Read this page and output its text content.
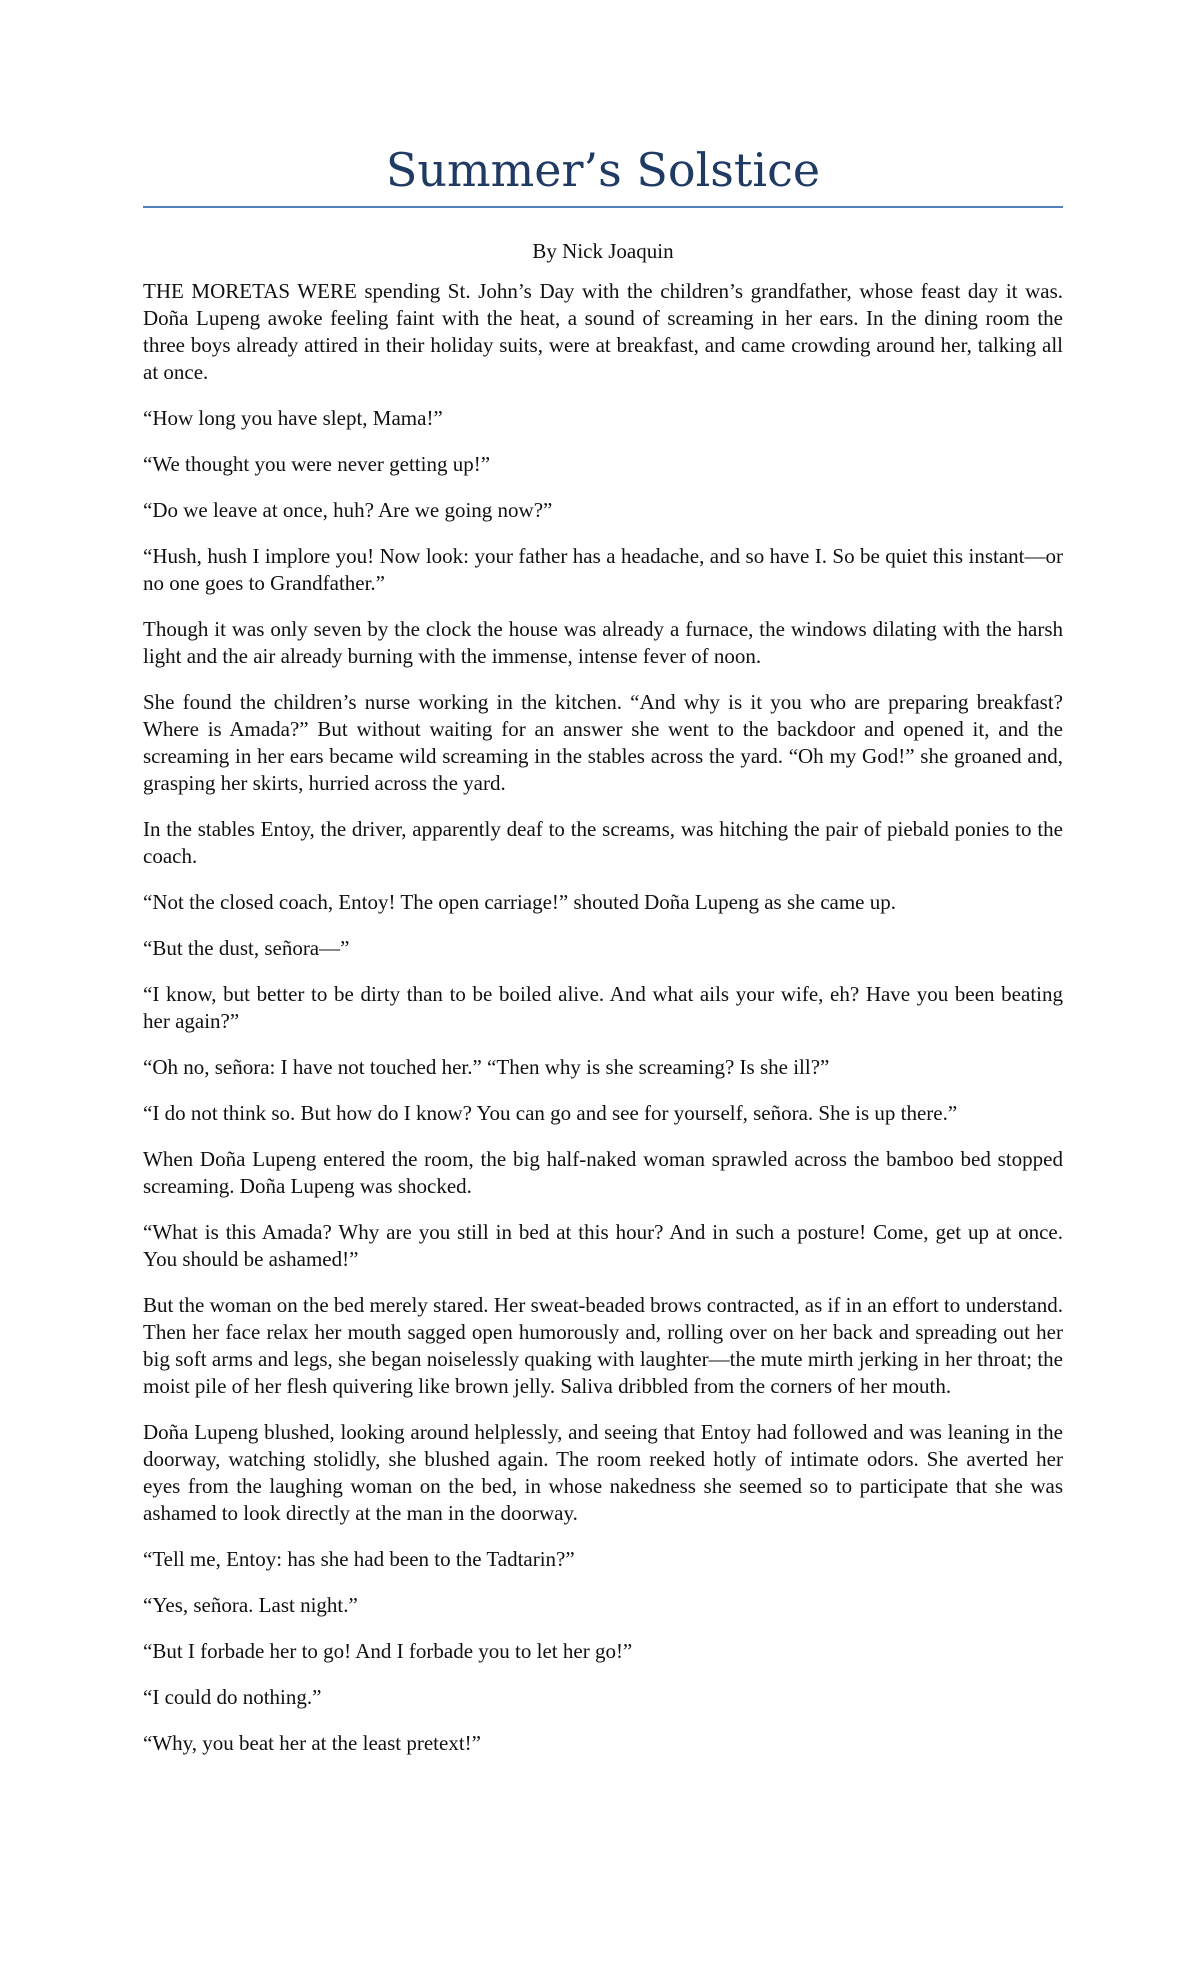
Summer’s Solstice
By Nick Joaquin

THE MORETAS WERE spending St. John’s Day with the children’s grandfather, whose feast day it was. Doña Lupeng awoke feeling faint with the heat, a sound of screaming in her ears. In the dining room the three boys already attired in their holiday suits, were at breakfast, and came crowding around her, talking all at once.

“How long you have slept, Mama!”

“We thought you were never getting up!”

“Do we leave at once, huh? Are we going now?”

“Hush, hush I implore you! Now look: your father has a headache, and so have I. So be quiet this instant—or no one goes to Grandfather.”

Though it was only seven by the clock the house was already a furnace, the windows dilating with the harsh light and the air already burning with the immense, intense fever of noon.

She found the children’s nurse working in the kitchen. “And why is it you who are preparing breakfast? Where is Amada?” But without waiting for an answer she went to the backdoor and opened it, and the screaming in her ears became wild screaming in the stables across the yard. “Oh my God!” she groaned and, grasping her skirts, hurried across the yard.

In the stables Entoy, the driver, apparently deaf to the screams, was hitching the pair of piebald ponies to the coach.

“Not the closed coach, Entoy! The open carriage!” shouted Doña Lupeng as she came up.

“But the dust, señora—”

“I know, but better to be dirty than to be boiled alive. And what ails your wife, eh? Have you been beating her again?”

“Oh no, señora: I have not touched her.” “Then why is she screaming? Is she ill?”

“I do not think so. But how do I know? You can go and see for yourself, señora. She is up there.”

When Doña Lupeng entered the room, the big half-naked woman sprawled across the bamboo bed stopped screaming. Doña Lupeng was shocked.

“What is this Amada? Why are you still in bed at this hour? And in such a posture! Come, get up at once. You should be ashamed!”

But the woman on the bed merely stared. Her sweat-beaded brows contracted, as if in an effort to understand. Then her face relax her mouth sagged open humorously and, rolling over on her back and spreading out her big soft arms and legs, she began noiselessly quaking with laughter—the mute mirth jerking in her throat; the moist pile of her flesh quivering like brown jelly. Saliva dribbled from the corners of her mouth.

Doña Lupeng blushed, looking around helplessly, and seeing that Entoy had followed and was leaning in the doorway, watching stolidly, she blushed again. The room reeked hotly of intimate odors. She averted her eyes from the laughing woman on the bed, in whose nakedness she seemed so to participate that she was ashamed to look directly at the man in the doorway.

“Tell me, Entoy: has she had been to the Tadtarin?”

“Yes, señora. Last night.”

“But I forbade her to go! And I forbade you to let her go!”

“I could do nothing.”

“Why, you beat her at the least pretext!”
